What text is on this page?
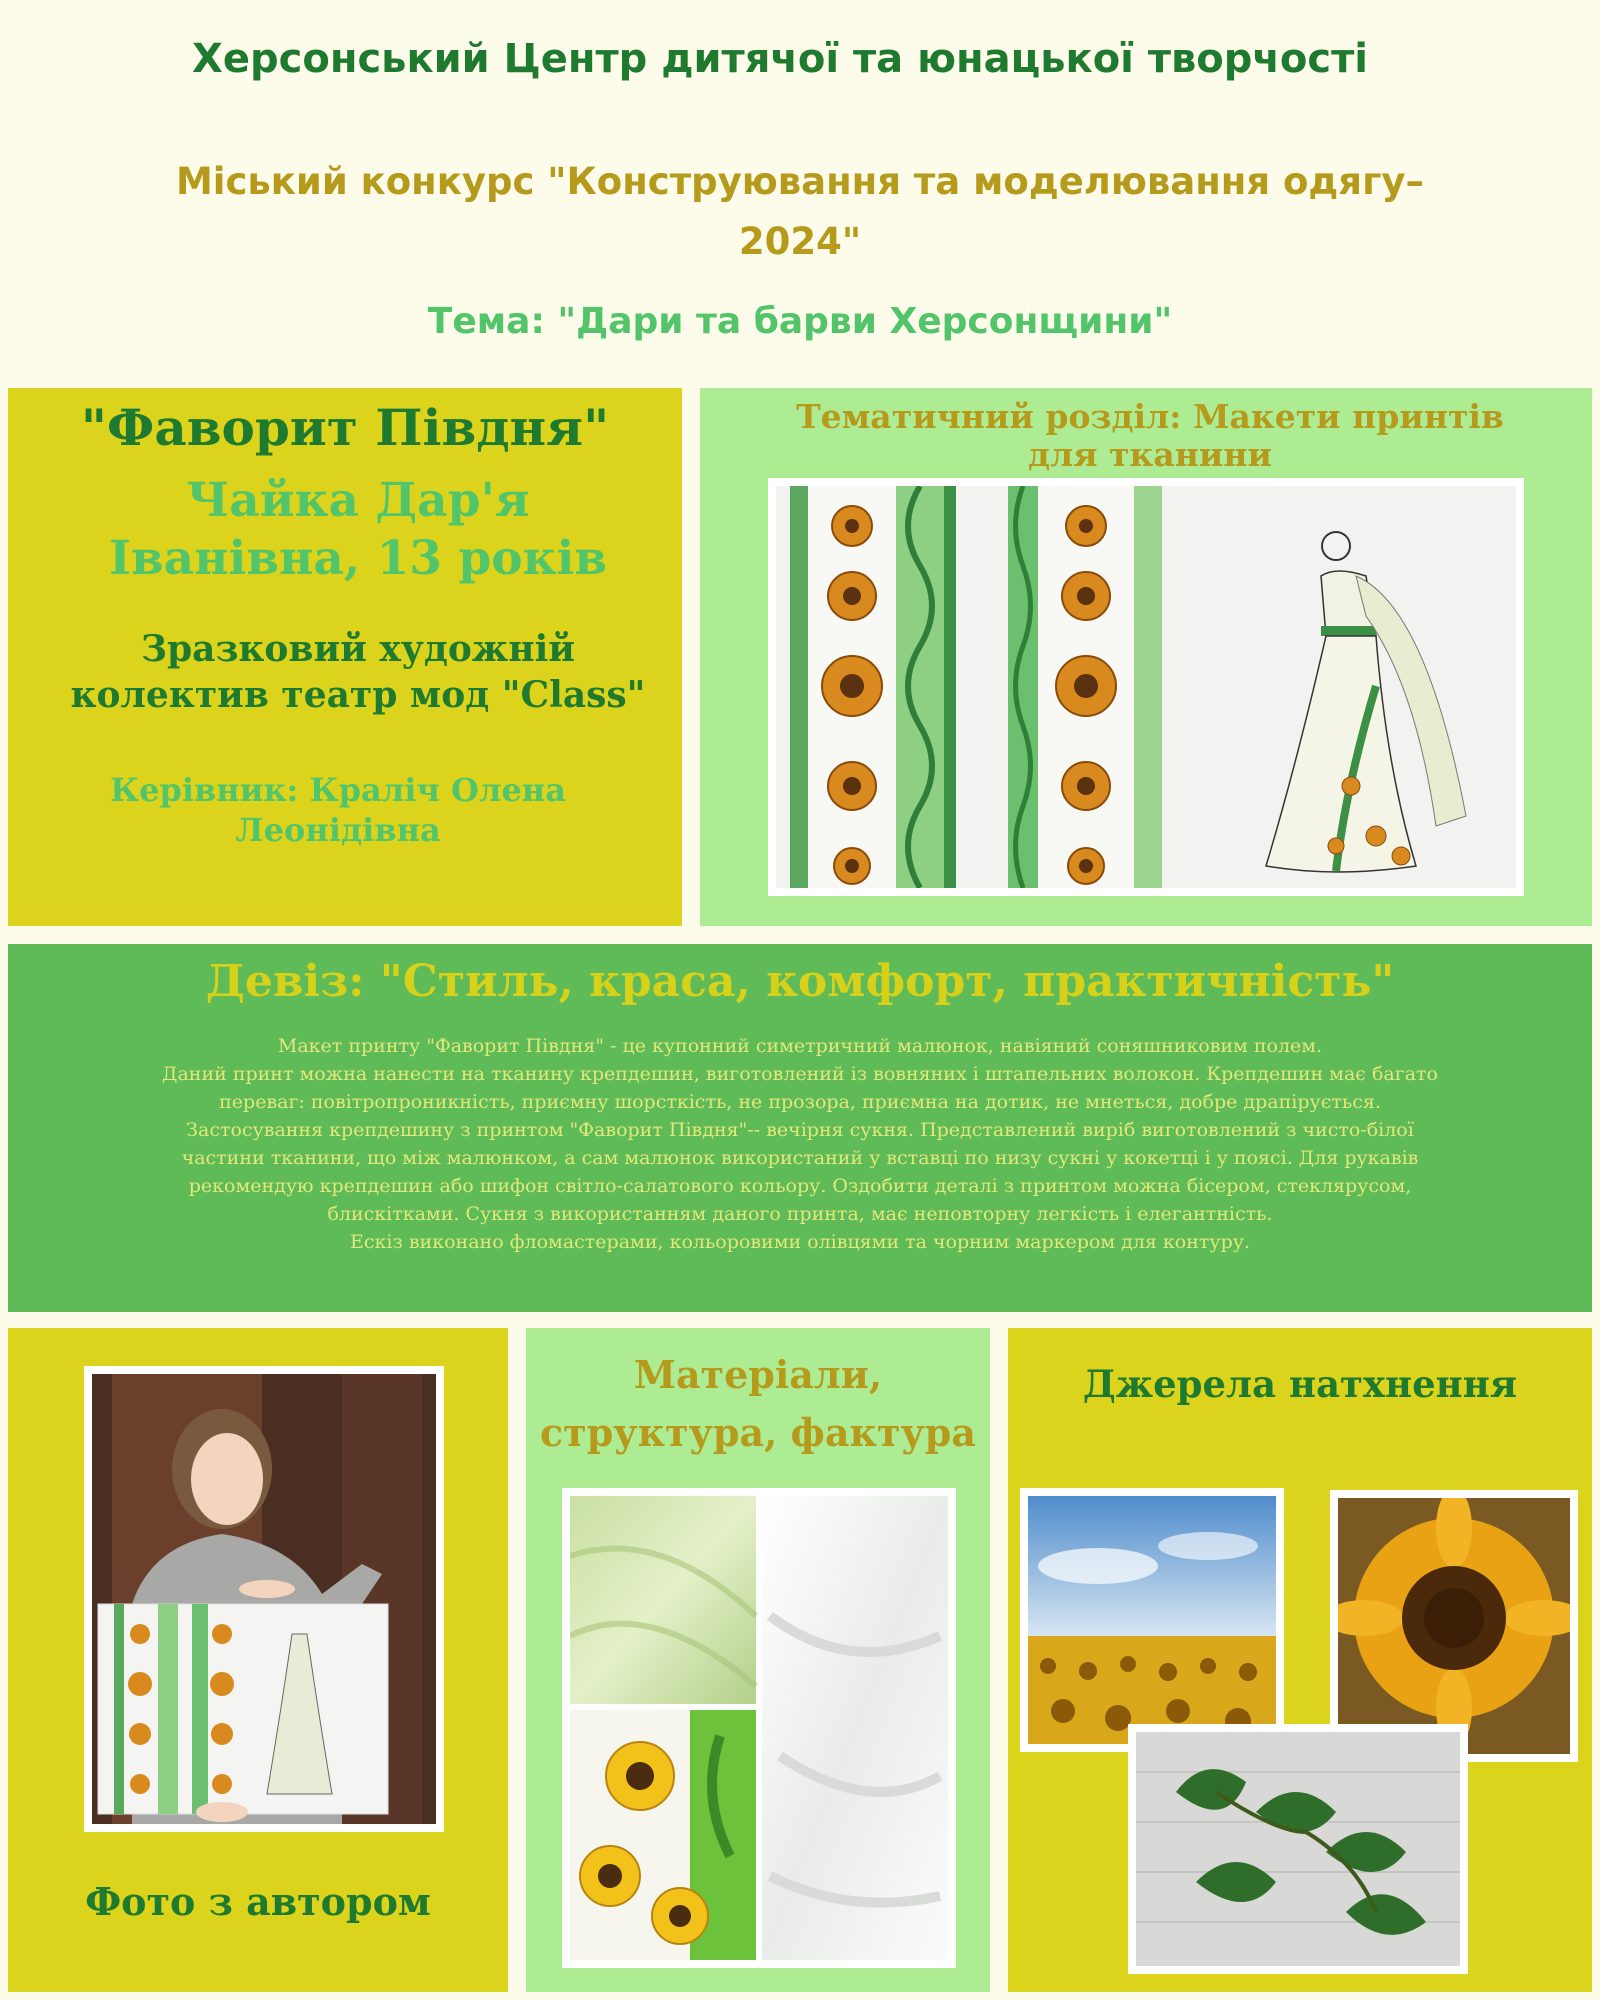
Херсонський Центр дитячої та юнацької творчості
Міський конкурс "Конструювання та моделювання одягу–2024"
Тема: "Дари та барви Херсонщини"
"Фаворит Півдня"
Чайка Дар'я Іванівна, 13 років
Зразковий художній колектив театр мод "Class"
Керівник: Краліч Олена Леонідівна
Тематичний розділ: Макети принтів для тканини
Девіз: "Стиль, краса, комфорт, практичність"
Макет принту "Фаворит Півдня" - це купонний симетричний малюнок, навіяний соняшниковим полем.
Даний принт можна нанести на тканину крепдешин, виготовлений із вовняних і штапельних волокон. Крепдешин має багато
переваг: повітропроникність, приємну шорсткість, не прозора, приємна на дотик, не мнеться, добре драпірується.
Застосування крепдешину з принтом "Фаворит Півдня"-- вечірня сукня. Представлений виріб виготовлений з чисто-білої
частини тканини, що між малюнком, а сам малюнок використаний у вставці по низу сукні у кокетці і у поясі. Для рукавів
рекомендую крепдешин або шифон світло-салатового кольору. Оздобити деталі з принтом можна бісером, стеклярусом,
блискітками. Сукня з використанням даного принта, має неповторну легкість і елегантність.
Ескіз виконано фломастерами, кольоровими олівцями та чорним маркером для контуру.
Фото з автором
Матеріали, структура, фактура
Джерела натхнення
